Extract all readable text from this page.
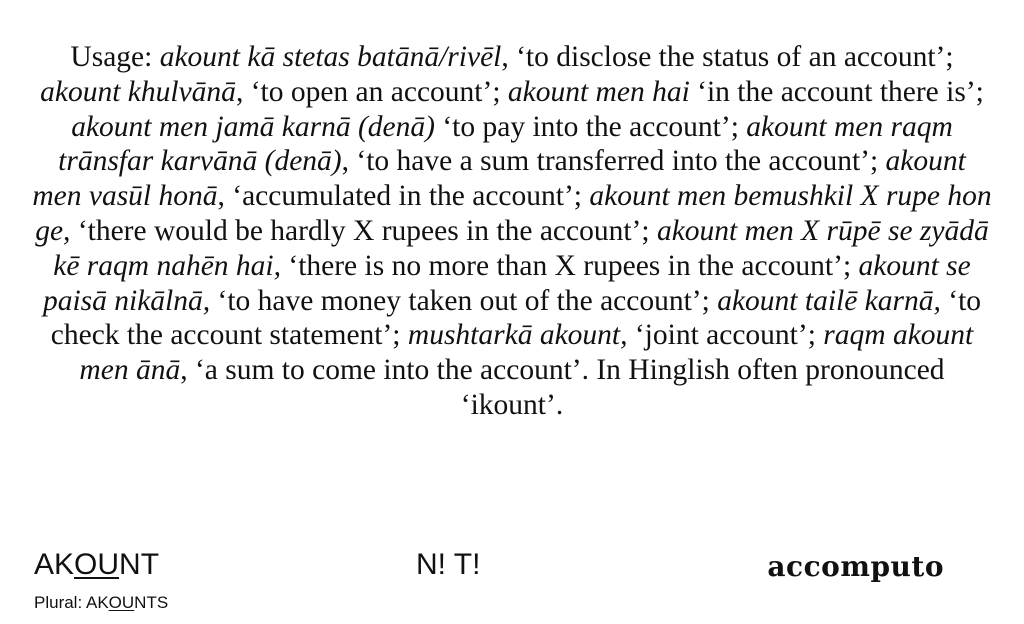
Usage: akount kā stetas batānā/rivēl, ‘to disclose the status of an account’; akount khulvānā, ‘to open an account’; akount men hai ‘in the account there is’; akount men jamā karnā (denā) ‘to pay into the account’; akount men raqm trānsfar karvānā (denā), ‘to have a sum transferred into the account’; akount men vasūl honā, ‘accumulated in the account’; akount men bemushkil X rupe hon ge, ‘there would be hardly X rupees in the account’; akount men X rūpē se zyādā kē raqm nahēn hai, ‘there is no more than X rupees in the account’; akount se paisā nikālnā, ‘to have money taken out of the account’; akount tailē karnā, ‘to check the account statement’; mushtarkā akount, ‘joint account’; raqm akount men ānā, ‘a sum to come into the account’. In Hinglish often pronounced ‘ikount’.

AKOUNT
Plural: AKOUNTS
N! T!	accomputo
